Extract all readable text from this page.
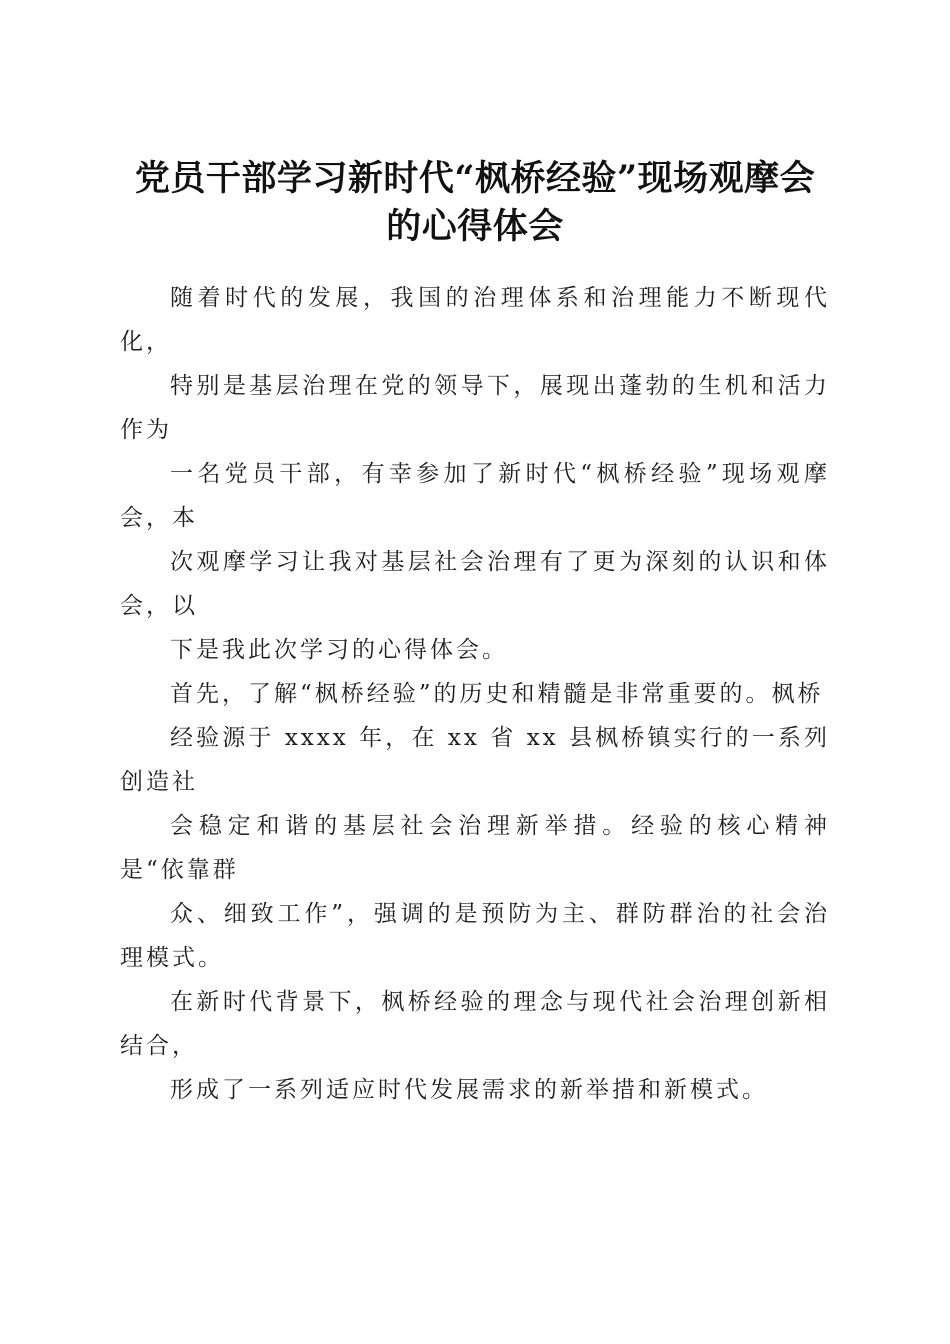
党员干部学习新时代“枫桥经验”现场观摩会
的心得体会

随着时代的发展，我国的治理体系和治理能力不断现代化，

特别是基层治理在党的领导下，展现出蓬勃的生机和活力作为

一名党员干部，有幸参加了新时代“枫桥经验”现场观摩会，本

次观摩学习让我对基层社会治理有了更为深刻的认识和体会，以

下是我此次学习的心得体会。

首先，了解“枫桥经验”的历史和精髓是非常重要的。枫桥

经验源于 xxxx 年，在 xx 省 xx 县枫桥镇实行的一系列创造社

会稳定和谐的基层社会治理新举措。经验的核心精神是“依靠群

众、细致工作”，强调的是预防为主、群防群治的社会治理模式。

在新时代背景下，枫桥经验的理念与现代社会治理创新相结合，

形成了一系列适应时代发展需求的新举措和新模式。
